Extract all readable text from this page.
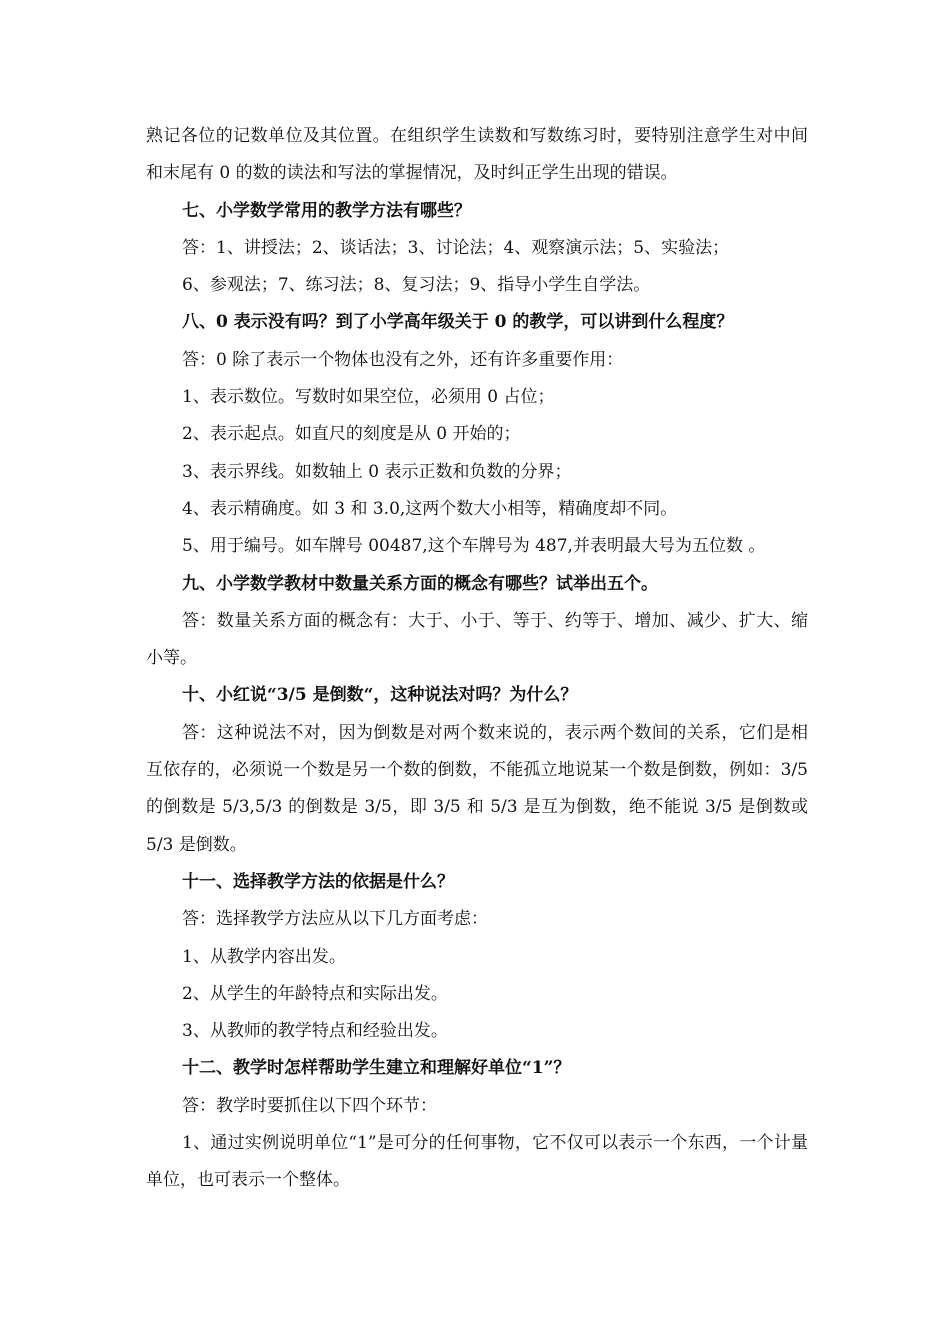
熟记各位的记数单位及其位置。在组织学生读数和写数练习时，要特别注意学生对中间和末尾有 0 的数的读法和写法的掌握情况，及时纠正学生出现的错误。
七、小学数学常用的教学方法有哪些？
答：1、讲授法；2、谈话法；3、讨论法；4、观察演示法；5、实验法；
6、参观法；7、练习法；8、复习法；9、指导小学生自学法。
八、0 表示没有吗？到了小学高年级关于 0 的教学，可以讲到什么程度？
答：0 除了表示一个物体也没有之外，还有许多重要作用：
1、表示数位。写数时如果空位，必须用 0 占位；
2、表示起点。如直尺的刻度是从 0 开始的；
3、表示界线。如数轴上 0 表示正数和负数的分界；
4、表示精确度。如 3 和 3.0,这两个数大小相等，精确度却不同。
5、用于编号。如车牌号 00487,这个车牌号为 487,并表明最大号为五位数 。
九、小学数学教材中数量关系方面的概念有哪些？试举出五个。
答：数量关系方面的概念有：大于、小于、等于、约等于、增加、减少、扩大、缩小等。
十、小红说“3/5 是倒数“，这种说法对吗？为什么？
答：这种说法不对，因为倒数是对两个数来说的，表示两个数间的关系，它们是相互依存的，必须说一个数是另一个数的倒数，不能孤立地说某一个数是倒数，例如：3/5 的倒数是 5/3,5/3 的倒数是 3/5，即 3/5 和 5/3 是互为倒数，绝不能说 3/5 是倒数或 5/3 是倒数。
十一、选择教学方法的依据是什么？
答：选择教学方法应从以下几方面考虑：
1、从教学内容出发。
2、从学生的年龄特点和实际出发。
3、从教师的教学特点和经验出发。
十二、教学时怎样帮助学生建立和理解好单位“1”？
答：教学时要抓住以下四个环节：
1、通过实例说明单位“1”是可分的任何事物，它不仅可以表示一个东西，一个计量单位，也可表示一个整体。
